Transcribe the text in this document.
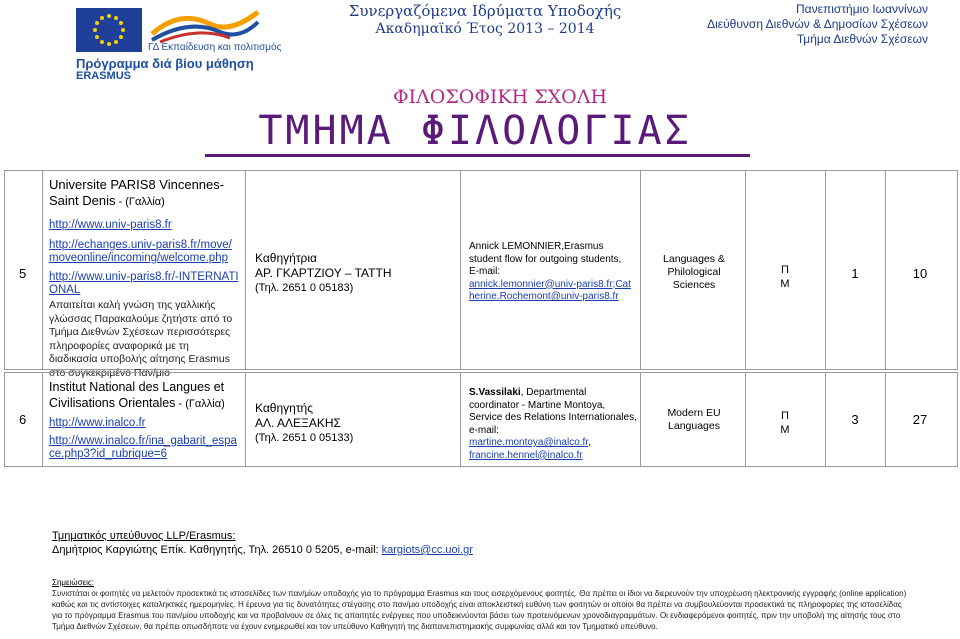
ΓΔ Εκπαίδευση και πολιτισμός
Πρόγραμμα διά βίου μάθηση
ERASMUS
Συνεργαζόμενα Ιδρύματα Υποδοχής
Ακαδημαϊκό Έτος 2013 – 2014
Πανεπιστήμιο Ιωαννίνων
Διεύθυνση Διεθνών & Δημοσίων Σχέσεων
Τμήμα Διεθνών Σχέσεων
ΦΙΛΟΣΟΦΙΚΗ ΣΧΟΛΗ
ΤΜΗΜΑ ΦΙΛΟΛΟΓΙΑΣ
5
Universite PARIS8 Vincennes-Saint Denis - (Γαλλία)
http://www.univ-paris8.fr
http://echanges.univ-paris8.fr/move/moveonline/incoming/welcome.php
http://www.univ-paris8.fr/-INTERNATIONAL
Απαιτείται καλή γνώση της γαλλικής γλώσσας Παρακαλούμε ζητήστε από το Τμήμα Διεθνών Σχέσεων περισσότερες πληροφορίες αναφορικά με τη διαδικασία υποβολής αίτησης Erasmus στο συγκεκριμένο Παν/μιο
Καθηγήτρια
ΑΡ. ΓΚΑΡΤΖΙΟΥ – ΤΑΤΤΗ
(Τηλ. 2651 0 05183)
Annick LEMONNIER,Erasmus student flow for outgoing students, E-mail:
annick.lemonnier@univ-paris8.fr;Catherine.Rochemont@univ-paris8.fr
Languages & Philological Sciences
Π
Μ
1	10
6
Institut National des Langues et Civilisations Orientales - (Γαλλία)
http://www.inalco.fr
http://www.inalco.fr/ina_gabarit_espace.php3?id_rubrique=6
Καθηγητής
ΑΛ. ΑΛΕΞΑΚΗΣ
(Τηλ. 2651 0 05133)
S.Vassilaki, Departmental coordinator - Martine Montoya, Service des Relations Internationales, e-mail:
martine.montoya@inalco.fr,
francine.hennel@inalco.fr
Modern EU Languages
Π
Μ
3	27
Τμηματικός υπεύθυνος LLP/Erasmus:
Δημήτριος Καργιώτης Επίκ. Καθηγητής, Τηλ. 26510 0 5205, e-mail: kargiots@cc.uoi.gr
Σημειώσεις:
Συνιστάται οι φοιτητές να μελετούν προσεκτικά τις ιστοσελίδες των παν/μίων υποδοχής για το πρόγραμμα Erasmus και τους εισερχόμενους φοιτητές. Θα πρέπει οι ίδιοι να διερευνούν την υποχρέωση ηλεκτρονικής εγγραφής (online application) καθώς και τις αντίστοιχες καταληκτικές ημερομηνίες. Η έρευνα για τις δυνατότητες στέγασης στο παν/μιο υποδοχής είναι αποκλειστική ευθύνη των φοιτητών οι οποίοι θα πρέπει να συμβουλεύονται προσεκτικά τις πληροφορίες της ιστοσελίδας για το πρόγραμμα Erasmus του παν/μίου υποδοχής και να προβαίνουν σε όλες τις απαιτητές ενέργειες που υποδεικνύονται βάσει των προτεινόμενων χρονοδιαγραμμάτων. Οι ενδιαφερόμενοι φοιτητές, πριν την υποβολή της αίτησής τους στο Τμήμα Διεθνών Σχέσεων, θα πρέπει οπωσδήποτε να έχουν ενημερωθεί και τον υπεύθυνο Καθηγητή της διαπανεπιστημιακής συμφωνίας αλλά και τον Τμηματικό υπεύθυνο.
